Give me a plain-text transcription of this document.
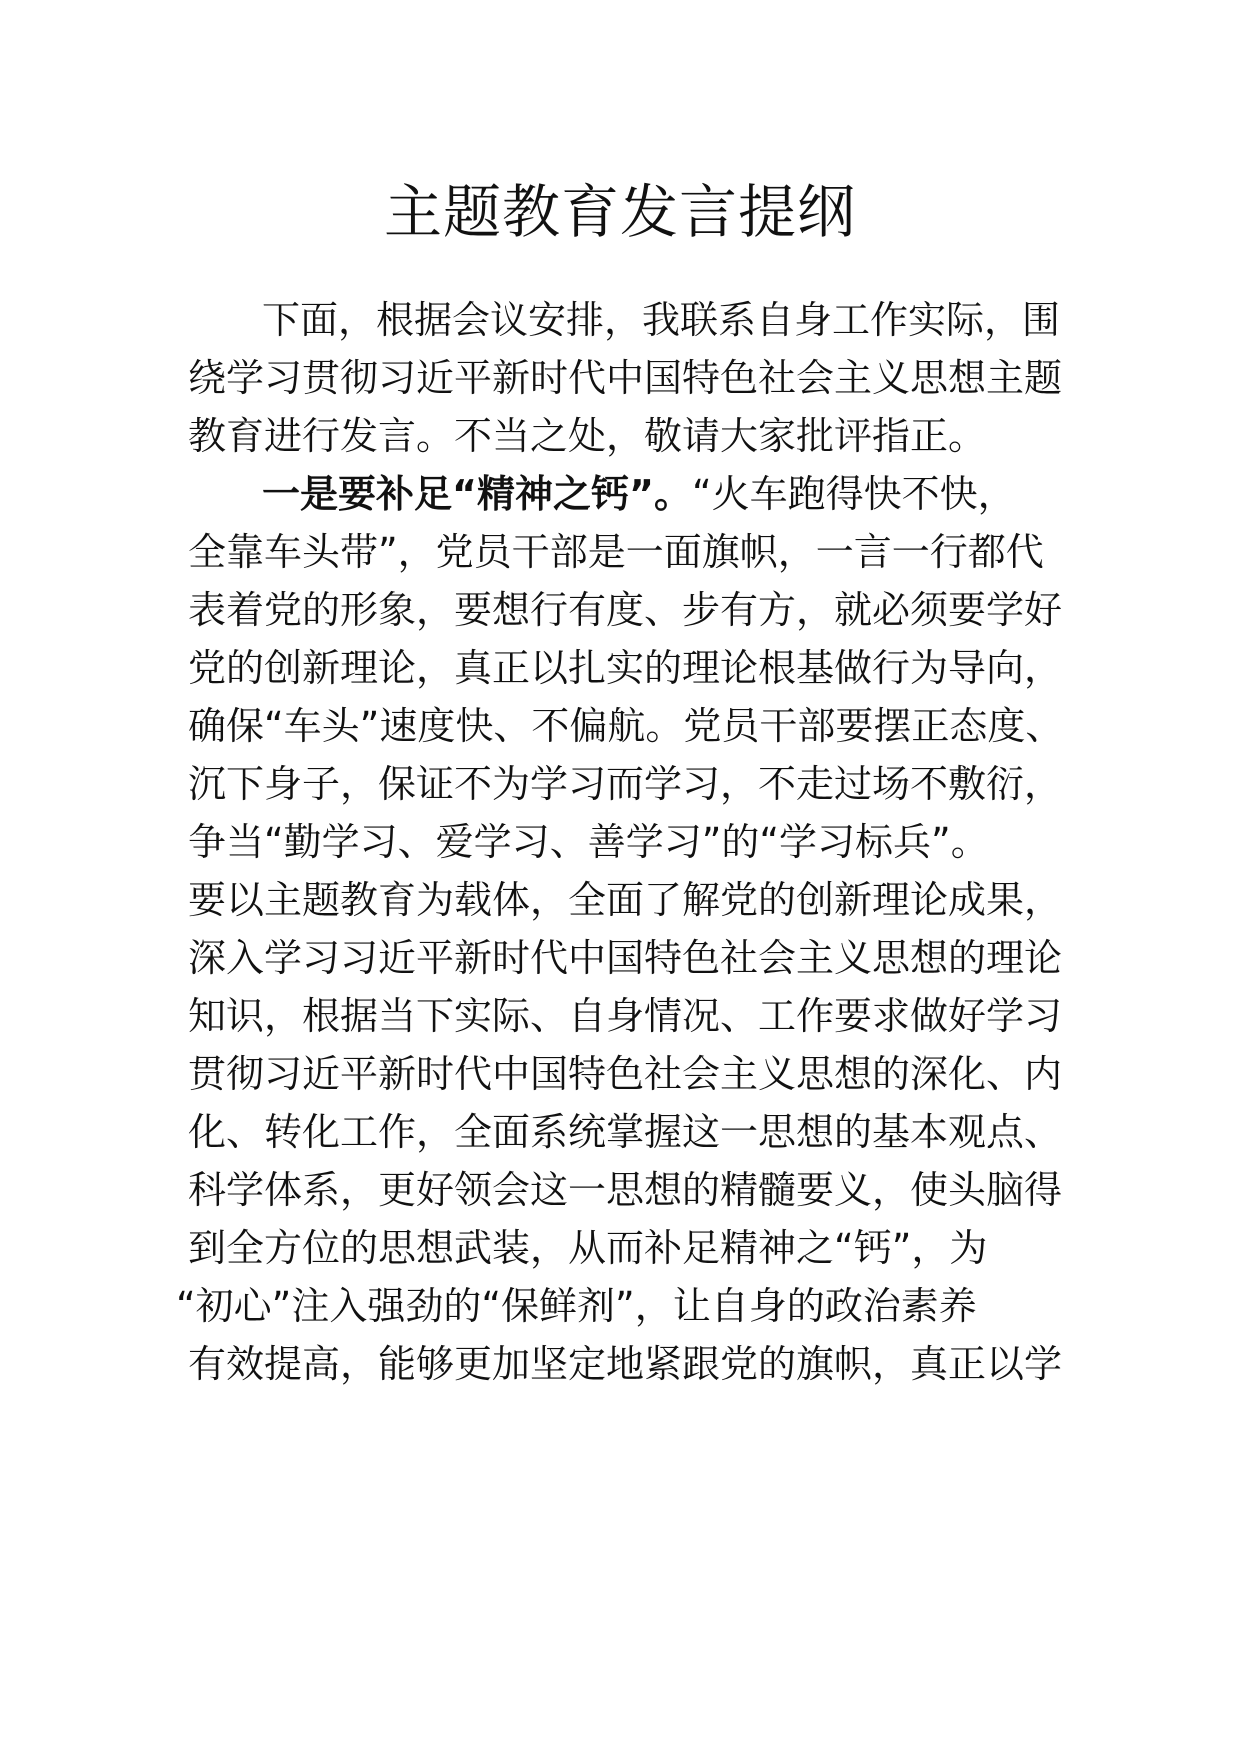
主题教育发言提纲
下面，根据会议安排，我联系自身工作实际，围
绕学习贯彻习近平新时代中国特色社会主义思想主题
教育进行发言。不当之处，敬请大家批评指正。
一是要补足“精神之钙”。“火车跑得快不快，
全靠车头带”，党员干部是一面旗帜，一言一行都代
表着党的形象，要想行有度、步有方，就必须要学好
党的创新理论，真正以扎实的理论根基做行为导向，
确保“车头”速度快、不偏航。党员干部要摆正态度、
沉下身子，保证不为学习而学习，不走过场不敷衍，
争当“勤学习、爱学习、善学习”的“学习标兵”。
要以主题教育为载体，全面了解党的创新理论成果，
深入学习习近平新时代中国特色社会主义思想的理论
知识，根据当下实际、自身情况、工作要求做好学习
贯彻习近平新时代中国特色社会主义思想的深化、内
化、转化工作，全面系统掌握这一思想的基本观点、
科学体系，更好领会这一思想的精髓要义，使头脑得
到全方位的思想武装，从而补足精神之“钙”，为
“初心”注入强劲的“保鲜剂”，让自身的政治素养
有效提高，能够更加坚定地紧跟党的旗帜，真正以学
